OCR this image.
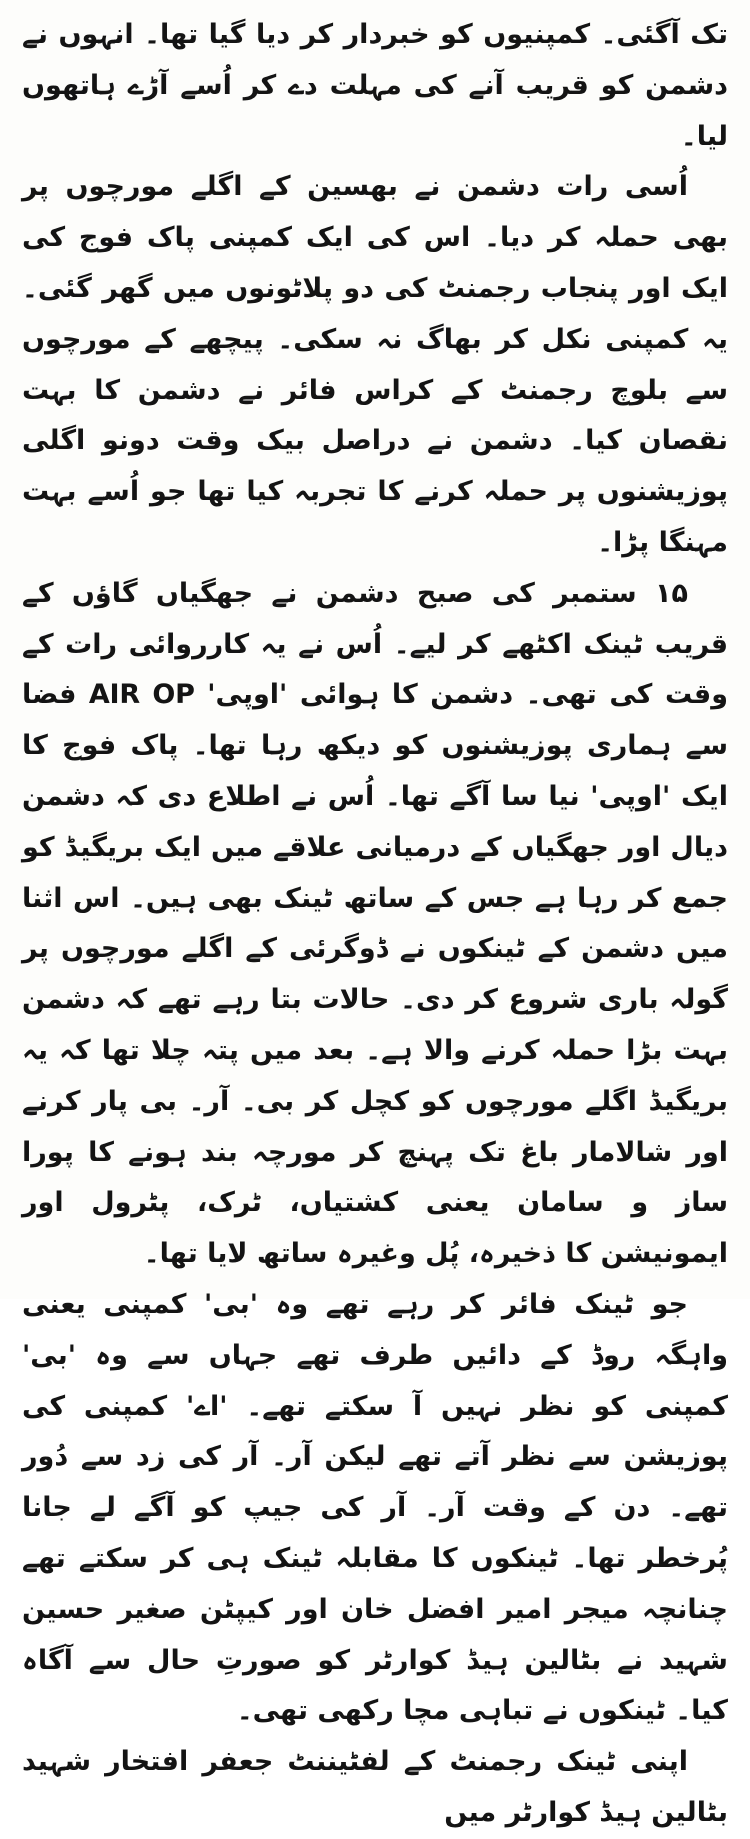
تک آگئی۔ کمپنیوں کو خبردار کر دیا گیا تھا۔ انہوں نے دشمن کو قریب آنے کی مہلت دے کر اُسے آڑے ہاتھوں لیا۔

اُسی رات دشمن نے بھسین کے اگلے مورچوں پر بھی حملہ کر دیا۔ اس کی ایک کمپنی پاک فوج کی ایک اور پنجاب رجمنٹ کی دو پلاٹونوں میں گھر گئی۔ یہ کمپنی نکل کر بھاگ نہ سکی۔ پیچھے کے مورچوں سے بلوچ رجمنٹ کے کراس فائر نے دشمن کا بہت نقصان کیا۔ دشمن نے دراصل بیک وقت دونو اگلی پوزیشنوں پر حملہ کرنے کا تجربہ کیا تھا جو اُسے بہت مہنگا پڑا۔

۱۵ ستمبر کی صبح دشمن نے جھگیاں گاؤں کے قریب ٹینک اکٹھے کر لیے۔ اُس نے یہ کارروائی رات کے وقت کی تھی۔ دشمن کا ہوائی 'اوپی' AIR OP فضا سے ہماری پوزیشنوں کو دیکھ رہا تھا۔ پاک فوج کا ایک 'اوپی' نیا سا آگے تھا۔ اُس نے اطلاع دی کہ دشمن دیال اور جھگیاں کے درمیانی علاقے میں ایک بریگیڈ کو جمع کر رہا ہے جس کے ساتھ ٹینک بھی ہیں۔ اس اثنا میں دشمن کے ٹینکوں نے ڈوگرئی کے اگلے مورچوں پر گولہ باری شروع کر دی۔ حالات بتا رہے تھے کہ دشمن بہت بڑا حملہ کرنے والا ہے۔ بعد میں پتہ چلا تھا کہ یہ بریگیڈ اگلے مورچوں کو کچل کر بی۔ آر۔ بی پار کرنے اور شالامار باغ تک پہنچ کر مورچہ بند ہونے کا پورا ساز و سامان یعنی کشتیاں، ٹرک، پٹرول اور ایمونیشن کا ذخیرہ، پُل وغیرہ ساتھ لایا تھا۔

جو ٹینک فائر کر رہے تھے وہ 'بی' کمپنی یعنی واہگہ روڈ کے دائیں طرف تھے جہاں سے وہ 'بی' کمپنی کو نظر نہیں آ سکتے تھے۔ 'اے' کمپنی کی پوزیشن سے نظر آتے تھے لیکن آر۔ آر کی زد سے دُور تھے۔ دن کے وقت آر۔ آر کی جیپ کو آگے لے جانا پُرخطر تھا۔ ٹینکوں کا مقابلہ ٹینک ہی کر سکتے تھے چنانچہ میجر امیر افضل خان اور کیپٹن صغیر حسین شہید نے بٹالین ہیڈ کوارٹر کو صورتِ حال سے آگاہ کیا۔ ٹینکوں نے تباہی مچا رکھی تھی۔

اپنی ٹینک رجمنٹ کے لفٹیننٹ جعفر افتخار شہید بٹالین ہیڈ کوارٹر میں
